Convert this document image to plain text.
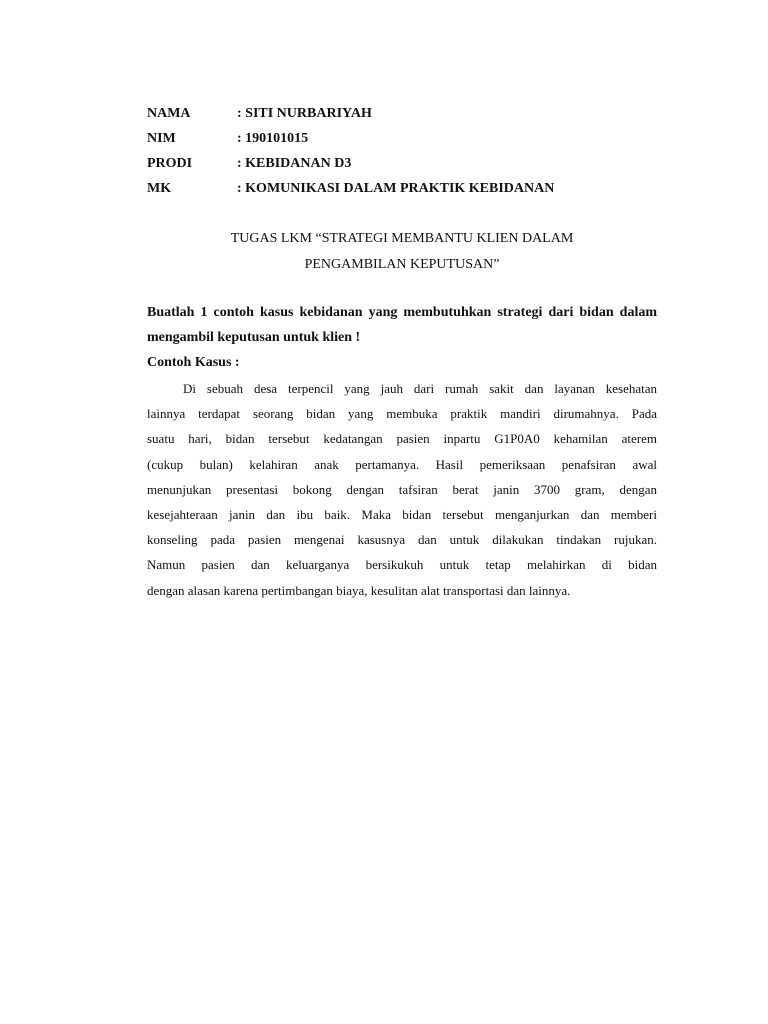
NAMA	: SITI NURBARIYAH
NIM	: 190101015
PRODI	: KEBIDANAN D3
MK	: KOMUNIKASI DALAM PRAKTIK KEBIDANAN
TUGAS LKM “STRATEGI MEMBANTU KLIEN DALAM
PENGAMBILAN KEPUTUSAN”
Buatlah 1 contoh kasus kebidanan yang membutuhkan strategi dari bidan dalam mengambil keputusan untuk klien !
Contoh Kasus :
Di sebuah desa terpencil yang jauh dari rumah sakit dan layanan kesehatan
lainnya terdapat seorang bidan yang membuka praktik mandiri dirumahnya. Pada
suatu hari, bidan tersebut kedatangan pasien inpartu G1P0A0 kehamilan aterem
(cukup bulan) kelahiran anak pertamanya. Hasil pemeriksaan penafsiran awal
menunjukan presentasi bokong dengan tafsiran berat janin 3700 gram, dengan
kesejahteraan janin dan ibu baik. Maka bidan tersebut menganjurkan dan memberi
konseling pada pasien mengenai kasusnya dan untuk dilakukan tindakan rujukan.
Namun pasien dan keluarganya bersikukuh untuk tetap melahirkan di bidan
dengan alasan karena pertimbangan biaya, kesulitan alat transportasi dan lainnya.
